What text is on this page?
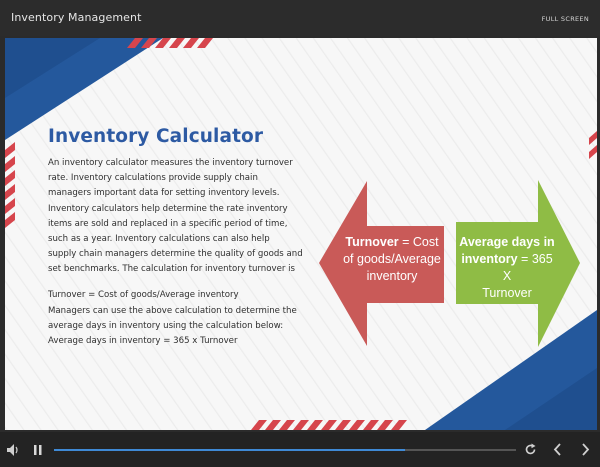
Inventory Management	FULL SCREEN
Inventory Calculator
An inventory calculator measures the inventory turnover
rate. Inventory calculations provide supply chain
managers important data for setting inventory levels.
Inventory calculators help determine the rate inventory
items are sold and replaced in a specific period of time,
such as a year. Inventory calculations can also help
supply chain managers determine the quality of goods and
set benchmarks. The calculation for inventory turnover is
Turnover = Cost of goods/Average inventory
Managers can use the above calculation to determine the
average days in inventory using the calculation below:
Average days in inventory = 365 x Turnover
Turnover = Cost
of goods/Average
inventory
Average days in
inventory = 365 X
Turnover
